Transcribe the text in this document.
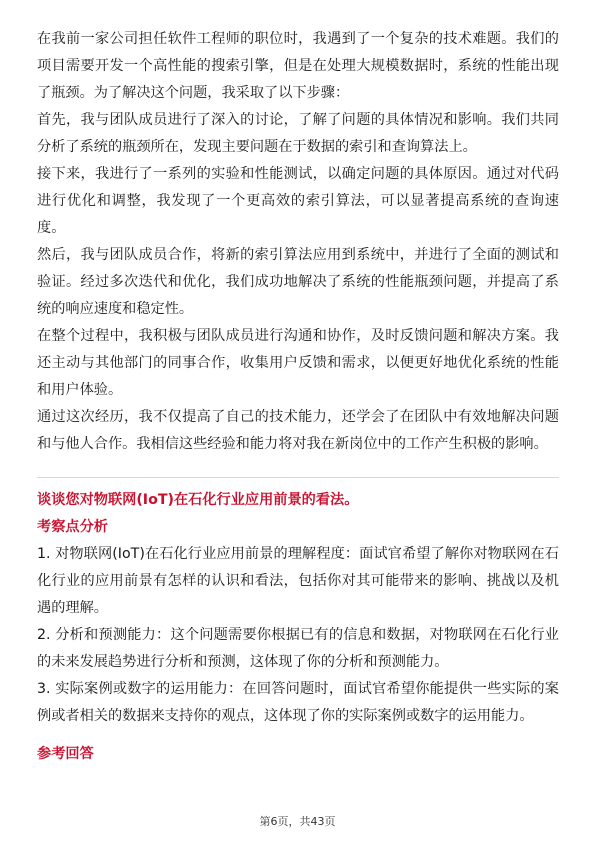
在我前一家公司担任软件工程师的职位时，我遇到了一个复杂的技术难题。我们的项目需要开发一个高性能的搜索引擎，但是在处理大规模数据时，系统的性能出现了瓶颈。为了解决这个问题，我采取了以下步骤：

首先，我与团队成员进行了深入的讨论，了解了问题的具体情况和影响。我们共同分析了系统的瓶颈所在，发现主要问题在于数据的索引和查询算法上。

接下来，我进行了一系列的实验和性能测试，以确定问题的具体原因。通过对代码进行优化和调整，我发现了一个更高效的索引算法，可以显著提高系统的查询速度。

然后，我与团队成员合作，将新的索引算法应用到系统中，并进行了全面的测试和验证。经过多次迭代和优化，我们成功地解决了系统的性能瓶颈问题，并提高了系统的响应速度和稳定性。

在整个过程中，我积极与团队成员进行沟通和协作，及时反馈问题和解决方案。我还主动与其他部门的同事合作，收集用户反馈和需求，以便更好地优化系统的性能和用户体验。

通过这次经历，我不仅提高了自己的技术能力，还学会了在团队中有效地解决问题和与他人合作。我相信这些经验和能力将对我在新岗位中的工作产生积极的影响。

谈谈您对物联网(IoT)在石化行业应用前景的看法。

考察点分析

1. 对物联网(IoT)在石化行业应用前景的理解程度：面试官希望了解你对物联网在石化行业的应用前景有怎样的认识和看法，包括你对其可能带来的影响、挑战以及机遇的理解。

2. 分析和预测能力：这个问题需要你根据已有的信息和数据，对物联网在石化行业的未来发展趋势进行分析和预测，这体现了你的分析和预测能力。

3. 实际案例或数字的运用能力：在回答问题时，面试官希望你能提供一些实际的案例或者相关的数据来支持你的观点，这体现了你的实际案例或数字的运用能力。

参考回答

第6页，共43页
